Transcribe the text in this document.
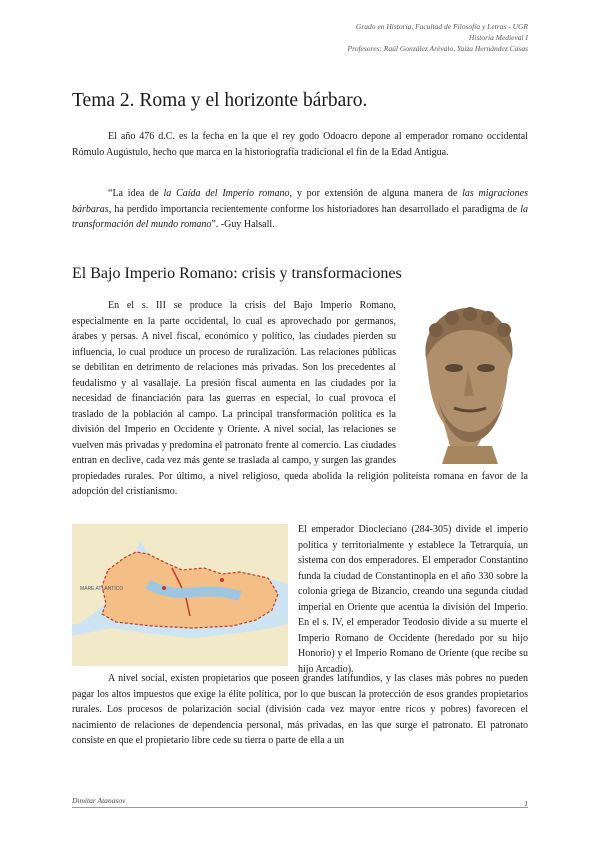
Grado en Historia, Facultad de Filosofía y Letras - UGR
Historia Medieval I
Profesores: Raúl González Arévalo, Yaiza Hernández Casas
Tema 2. Roma y el horizonte bárbaro.

El año 476 d.C. es la fecha en la que el rey godo Odoacro depone al emperador romano occidental Rómulo Augústulo, hecho que marca en la historiografía tradicional el fin de la Edad Antigua.

“La idea de la Caída del Imperio romano, y por extensión de alguna manera de las migraciones bárbaras, ha perdido importancia recientemente conforme los historiadores han desarrollado el paradigma de la transformación del mundo romano”. -Guy Halsall.

El Bajo Imperio Romano: crisis y transformaciones
En el s. III se produce la crisis del Bajo Imperio Romano, especialmente en la parte occidental, lo cual es aprovechado por germanos, árabes y persas. A nivel fiscal, económico y político, las ciudades pierden su influencia, lo cual produce un proceso de ruralización. Las relaciones públicas se debilitan en detrimento de relaciones más privadas. Son los precedentes al feudalismo y al vasallaje. La presión fiscal aumenta en las ciudades por la necesidad de financiación para las guerras en especial, lo cual provoca el traslado de la población al campo. La principal transformación política es la división del Imperio en Occidente y Oriente. A nivel social, las relaciones se vuelven más privadas y predomina el patronato frente al comercio. Las ciudades entran en declive, cada vez más gente se traslada al campo, y surgen las grandes propiedades rurales. Por último, a nivel religioso, queda abolida la religión politeísta romana en favor de la adopción del cristianismo.
MARE ATLANTICO
El emperador Diocleciano (284-305) divide el imperio política y territorialmente y establece la Tetrarquía, un sistema con dos emperadores. El emperador Constantino funda la ciudad de Constantinopla en el año 330 sobre la colonia griega de Bizancio, creando una segunda ciudad imperial en Oriente que acentúa la división del Imperio. En el s. IV, el emperador Teodosio divide a su muerte el Imperio Romano de Occidente (heredado por su hijo Honorio) y el Imperio Romano de Oriente (que recibe su hijo Arcadio).

A nivel social, existen propietarios que poseen grandes latifundios, y las clases más pobres no pueden pagar los altos impuestos que exige la élite política, por lo que buscan la protección de esos grandes propietarios rurales. Los procesos de polarización social (división cada vez mayor entre ricos y pobres) favorecen el nacimiento de relaciones de dependencia personal, más privadas, en las que surge el patronato. El patronato consiste en que el propietario libre cede su tierra o parte de ella a un

Dimitar Atanasov	1
